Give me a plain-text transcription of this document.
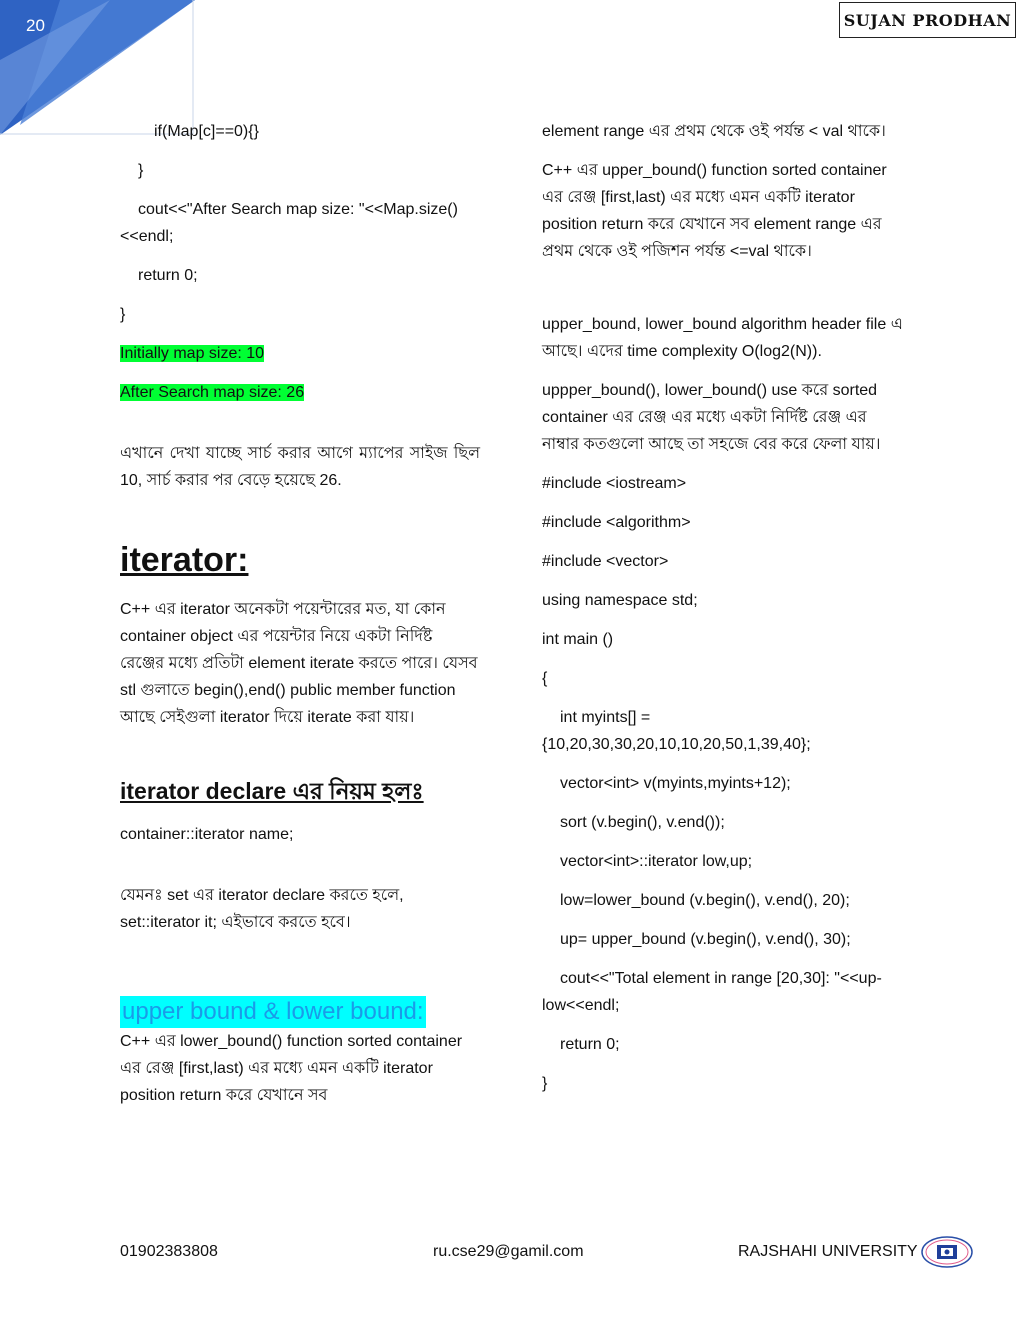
20	SUJAN PRODHAN

if(Map[c]==0){}

}

cout<<"After Search map size: "<<Map.size()<<endl;

return 0;

}

Initially map size: 10

After Search map size: 26

এখানে দেখা যাচ্ছে সার্চ করার আগে ম্যাপের সাইজ ছিল 10, সার্চ করার পর বেড়ে হয়েছে 26.

iterator:

C++ এর iterator অনেকটা পয়েন্টারের মত, যা কোন container object এর পয়েন্টার নিয়ে একটা নির্দিষ্ট রেঞ্জের মধ্যে প্রতিটা element iterate করতে পারে। যেসব stl গুলাতে begin(),end() public member function আছে সেইগুলা iterator দিয়ে iterate করা যায়।

iterator declare এর নিয়ম হলঃ

container::iterator name;

যেমনঃ set এর iterator declare করতে হলে, set::iterator it; এইভাবে করতে হবে।

upper bound & lower bound:

C++ এর lower_bound() function sorted container এর রেঞ্জ [first,last) এর মধ্যে এমন একটি iterator position return করে যেখানে সব

element range এর প্রথম থেকে ওই পর্যন্ত < val থাকে।

C++ এর upper_bound() function sorted container এর রেঞ্জ [first,last) এর মধ্যে এমন একটি iterator position return করে যেখানে সব element range এর প্রথম থেকে ওই পজিশন পর্যন্ত <=val থাকে।

upper_bound, lower_bound algorithm header file এ আছে। এদের time complexity O(log2(N)).

uppper_bound(), lower_bound() use করে sorted container এর রেঞ্জ এর মধ্যে একটা নির্দিষ্ট রেঞ্জ এর নাম্বার কতগুলো আছে তা সহজে বের করে ফেলা যায়।

#include <iostream>

#include <algorithm>

#include <vector>

using namespace std;

int main ()

{

int myints[] = {10,20,30,30,20,10,10,20,50,1,39,40};

vector<int> v(myints,myints+12);

sort (v.begin(), v.end());

vector<int>::iterator low,up;

low=lower_bound (v.begin(), v.end(), 20);

up= upper_bound (v.begin(), v.end(), 30);

cout<<"Total element in range [20,30]: "<<up-low<<endl;

return 0;

}

01902383808	ru.cse29@gamil.com	RAJSHAHI UNIVERSITY
